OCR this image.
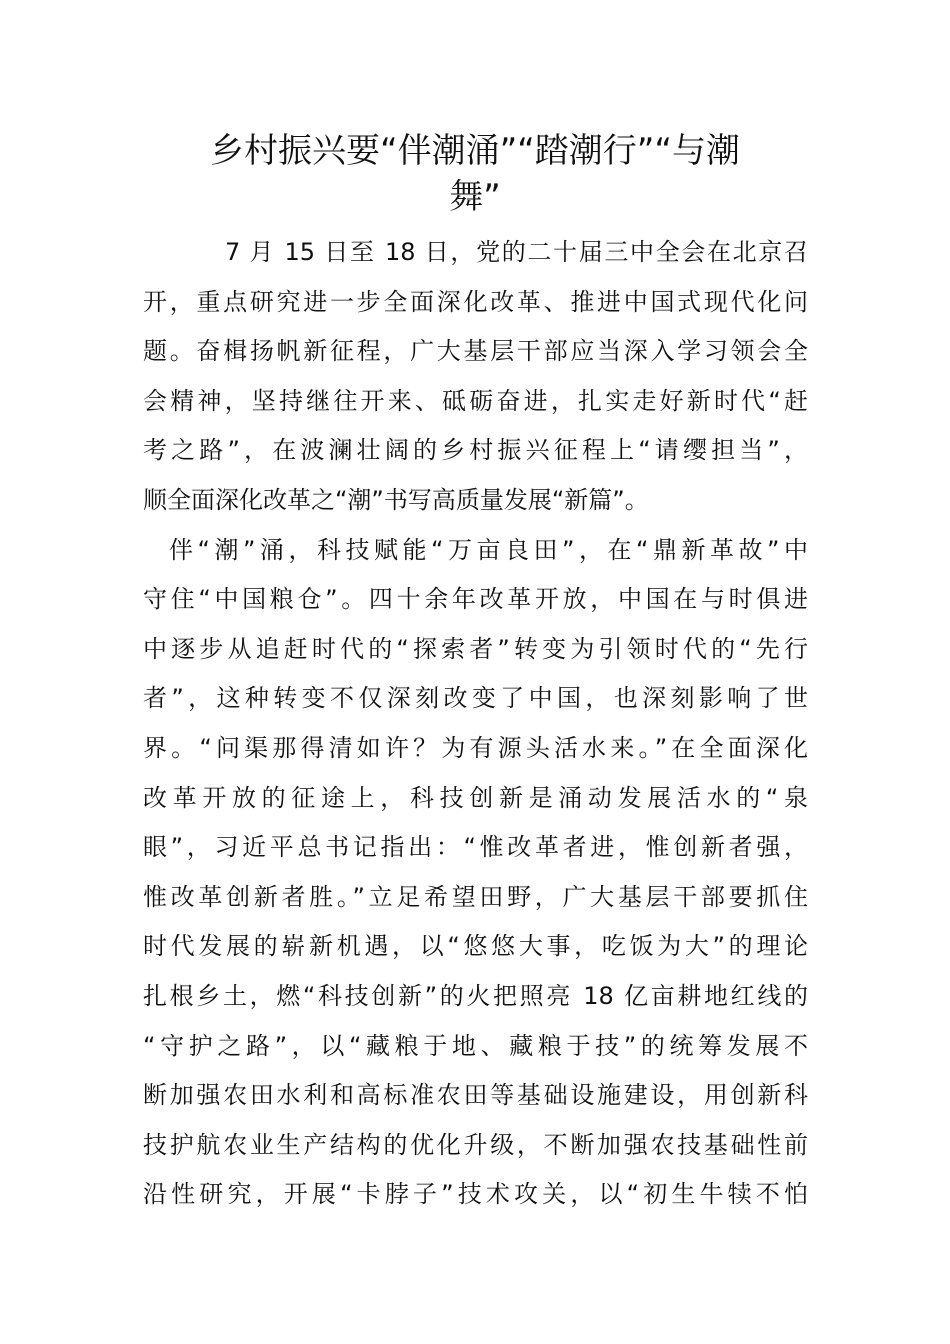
乡村振兴要“伴潮涌”“踏潮行”“与潮
舞”
7 月 15 日至 18 日，党的二十届三中全会在北京召
开，重点研究进一步全面深化改革、推进中国式现代化问
题。奋楫扬帆新征程，广大基层干部应当深入学习领会全
会精神，坚持继往开来、砥砺奋进，扎实走好新时代“赶
考之路”，在波澜壮阔的乡村振兴征程上“请缨担当”，
顺全面深化改革之“潮”书写高质量发展“新篇”。
伴“潮”涌，科技赋能“万亩良田”，在“鼎新革故”中
守住“中国粮仓”。四十余年改革开放，中国在与时俱进
中逐步从追赶时代的“探索者”转变为引领时代的“先行
者”，这种转变不仅深刻改变了中国，也深刻影响了世
界。“问渠那得清如许？为有源头活水来。”在全面深化
改革开放的征途上，科技创新是涌动发展活水的“泉
眼”，习近平总书记指出：“惟改革者进，惟创新者强，
惟改革创新者胜。”立足希望田野，广大基层干部要抓住
时代发展的崭新机遇，以“悠悠大事，吃饭为大”的理论
扎根乡土，燃“科技创新”的火把照亮 18 亿亩耕地红线的
“守护之路”，以“藏粮于地、藏粮于技”的统筹发展不
断加强农田水利和高标准农田等基础设施建设，用创新科
技护航农业生产结构的优化升级，不断加强农技基础性前
沿性研究，开展“卡脖子”技术攻关，以“初生牛犊不怕
